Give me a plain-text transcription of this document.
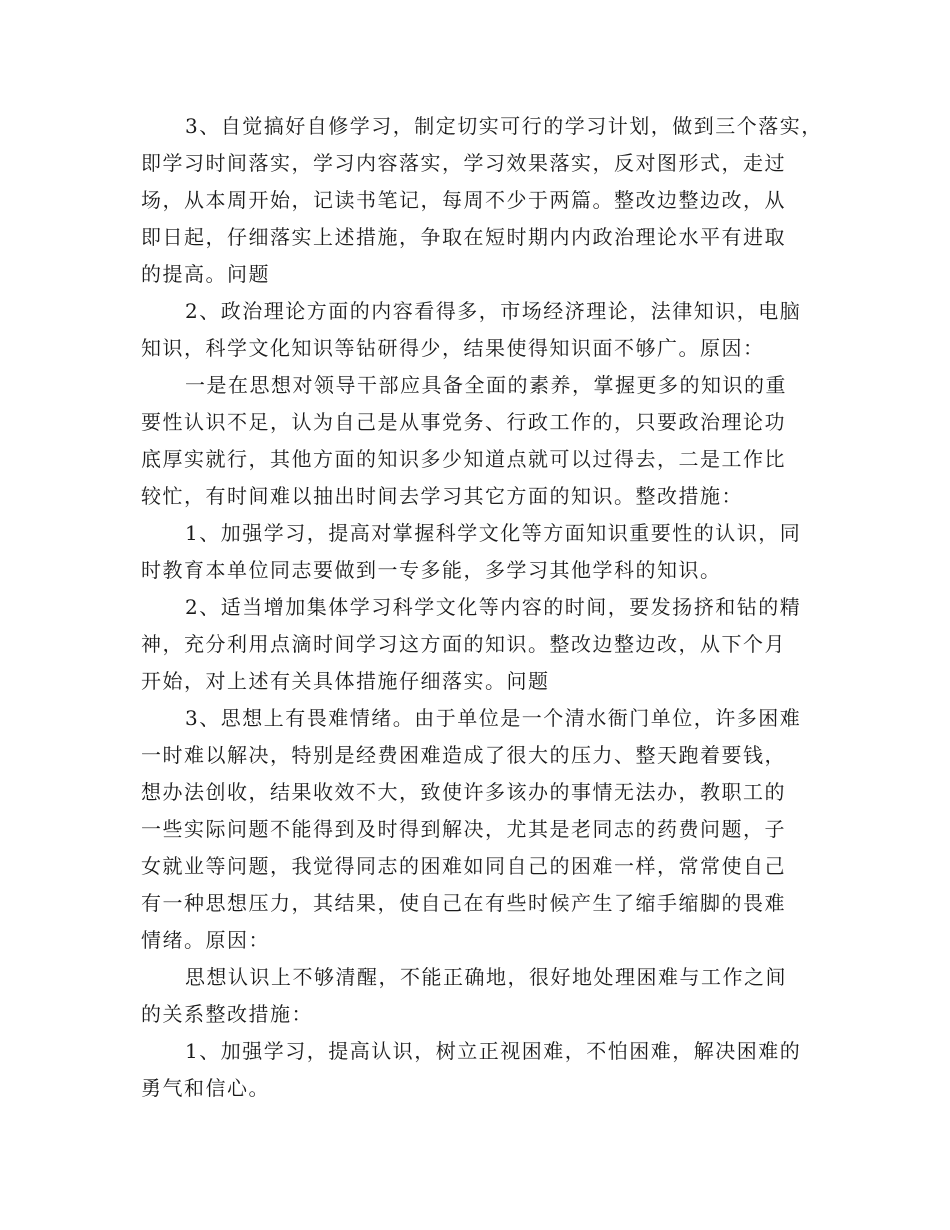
3、自觉搞好自修学习，制定切实可行的学习计划，做到三个落实，
即学习时间落实，学习内容落实，学习效果落实，反对图形式，走过
场，从本周开始，记读书笔记，每周不少于两篇。整改边整边改，从
即日起，仔细落实上述措施，争取在短时期内内政治理论水平有进取
的提高。问题
2、政治理论方面的内容看得多，市场经济理论，法律知识，电脑
知识，科学文化知识等钻研得少，结果使得知识面不够广。原因：
一是在思想对领导干部应具备全面的素养，掌握更多的知识的重
要性认识不足，认为自己是从事党务、行政工作的，只要政治理论功
底厚实就行，其他方面的知识多少知道点就可以过得去，二是工作比
较忙，有时间难以抽出时间去学习其它方面的知识。整改措施：
1、加强学习，提高对掌握科学文化等方面知识重要性的认识，同
时教育本单位同志要做到一专多能，多学习其他学科的知识。
2、适当增加集体学习科学文化等内容的时间，要发扬挤和钻的精
神，充分利用点滴时间学习这方面的知识。整改边整边改，从下个月
开始，对上述有关具体措施仔细落实。问题
3、思想上有畏难情绪。由于单位是一个清水衙门单位，许多困难
一时难以解决，特别是经费困难造成了很大的压力、整天跑着要钱，
想办法创收，结果收效不大，致使许多该办的事情无法办，教职工的
一些实际问题不能得到及时得到解决，尤其是老同志的药费问题，子
女就业等问题，我觉得同志的困难如同自己的困难一样，常常使自己
有一种思想压力，其结果，使自己在有些时候产生了缩手缩脚的畏难
情绪。原因：
思想认识上不够清醒，不能正确地，很好地处理困难与工作之间
的关系整改措施：
1、加强学习，提高认识，树立正视困难，不怕困难，解决困难的
勇气和信心。
